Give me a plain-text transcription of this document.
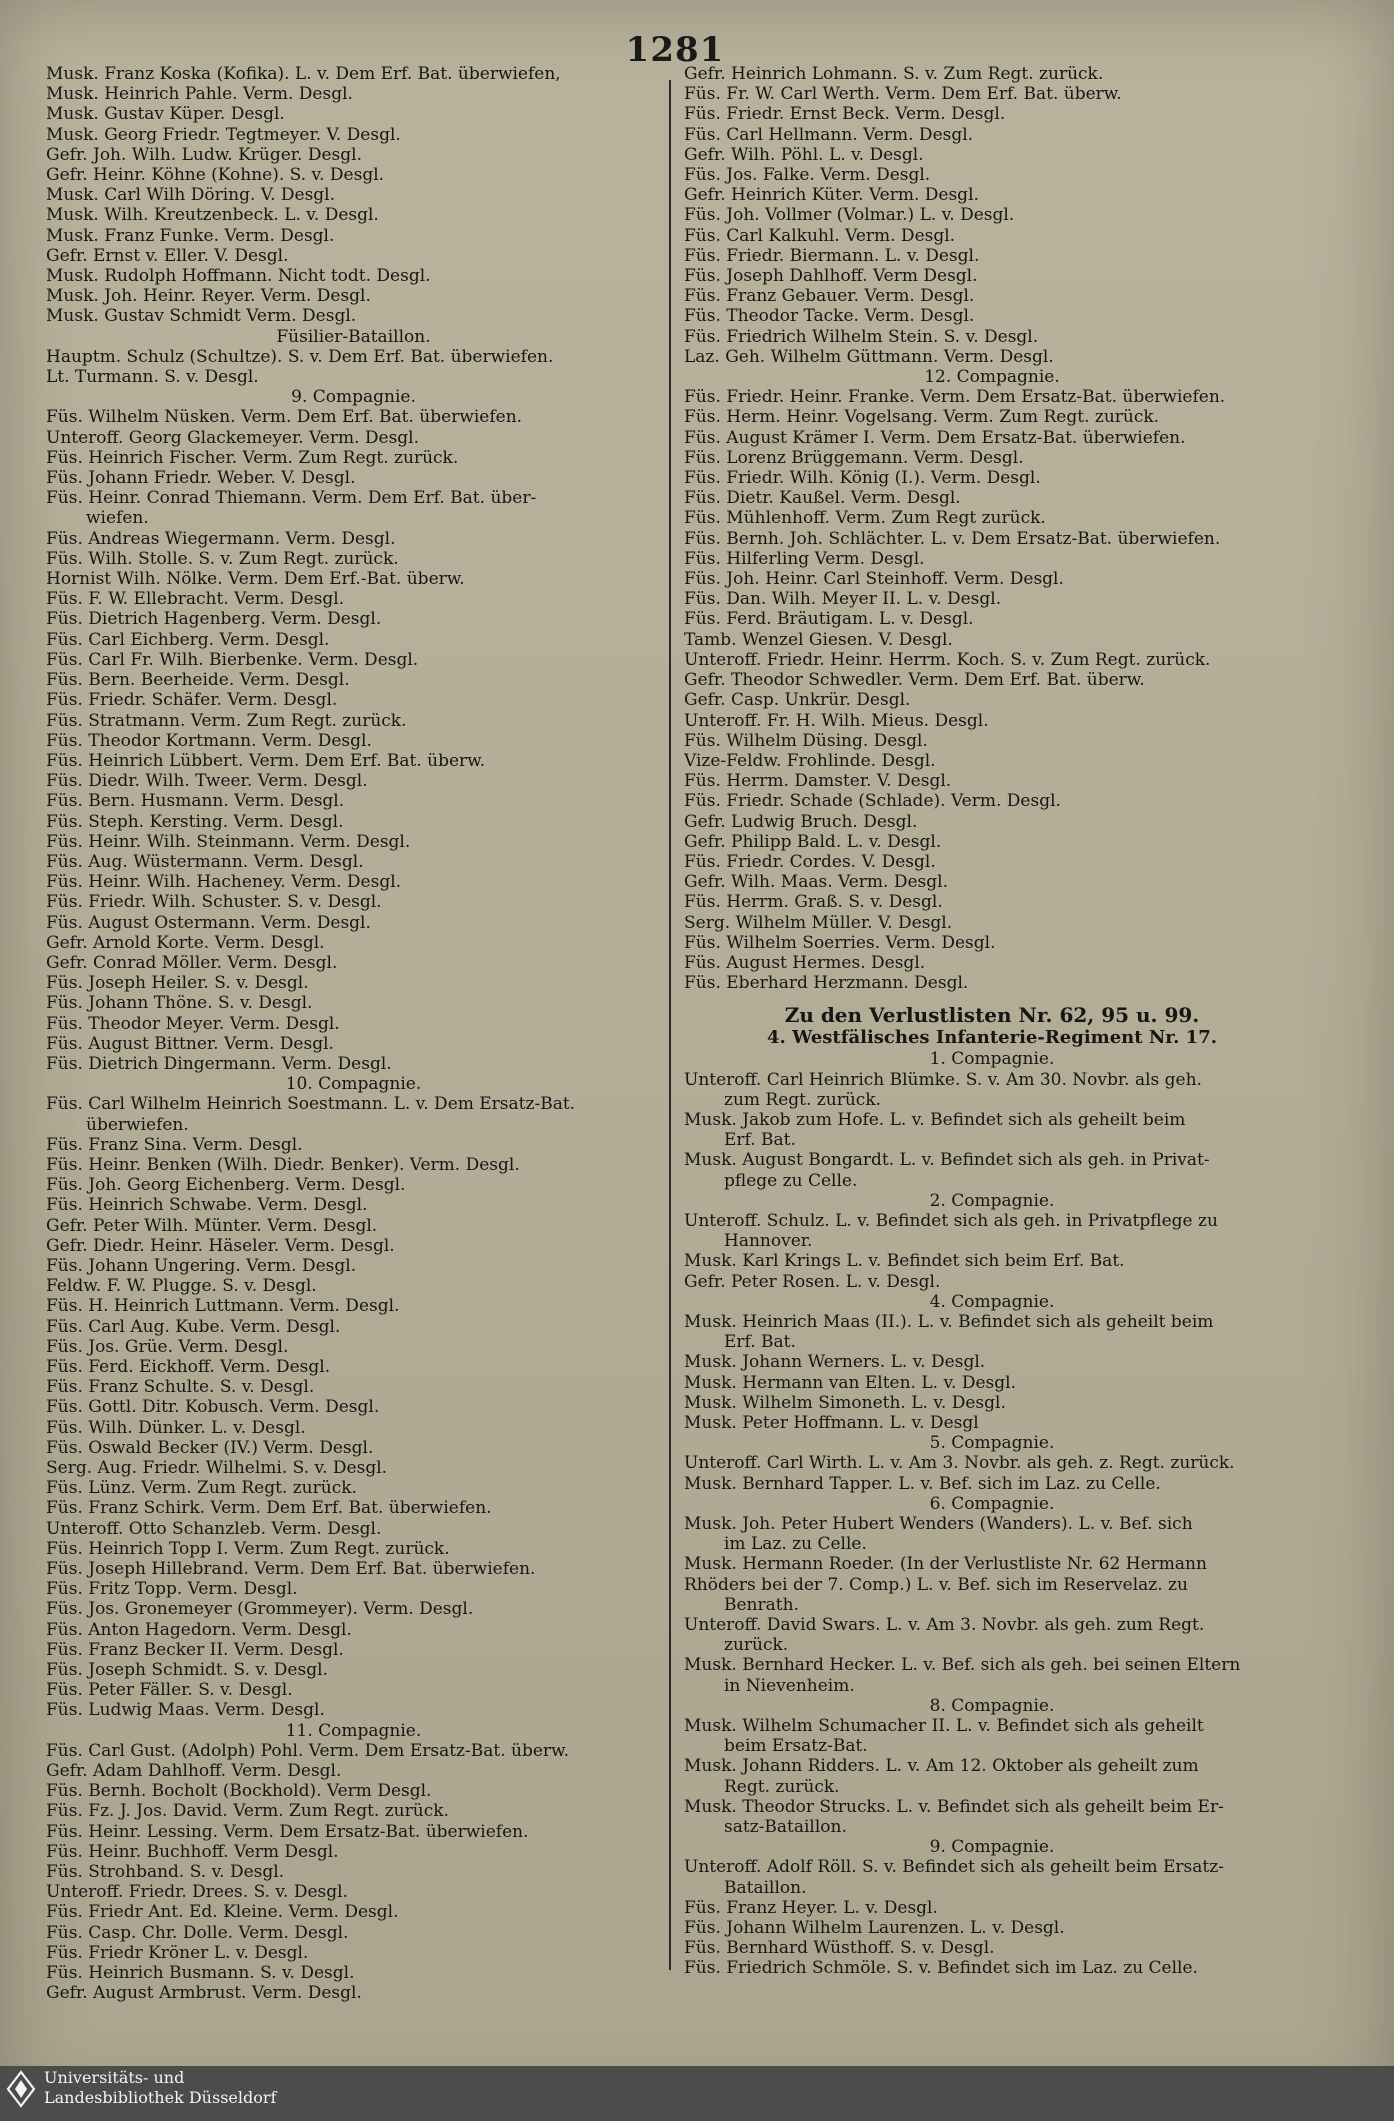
1281
Musk. Franz Koska (Kofika). L. v. Dem Erf. Bat. überwiefen,
Musk. Heinrich Pahle. Verm. Desgl.
Musk. Gustav Küper. Desgl.
Musk. Georg Friedr. Tegtmeyer. V. Desgl.
Gefr. Joh. Wilh. Ludw. Krüger. Desgl.
Gefr. Heinr. Köhne (Kohne). S. v. Desgl.
Musk. Carl Wilh Döring. V. Desgl.
Musk. Wilh. Kreutzenbeck. L. v. Desgl.
Musk. Franz Funke. Verm. Desgl.
Gefr. Ernst v. Eller. V. Desgl.
Musk. Rudolph Hoffmann. Nicht todt. Desgl.
Musk. Joh. Heinr. Reyer. Verm. Desgl.
Musk. Gustav Schmidt Verm. Desgl.
Füsilier-Bataillon.
Hauptm. Schulz (Schultze). S. v. Dem Erf. Bat. überwiefen.
Lt. Turmann. S. v. Desgl.
9. Compagnie.
Füs. Wilhelm Nüsken. Verm. Dem Erf. Bat. überwiefen.
Unteroff. Georg Glackemeyer. Verm. Desgl.
Füs. Heinrich Fischer. Verm. Zum Regt. zurück.
Füs. Johann Friedr. Weber. V. Desgl.
Füs. Heinr. Conrad Thiemann. Verm. Dem Erf. Bat. über-
wiefen.
Füs. Andreas Wiegermann. Verm. Desgl.
Füs. Wilh. Stolle. S. v. Zum Regt. zurück.
Hornist Wilh. Nölke. Verm. Dem Erf.-Bat. überw.
Füs. F. W. Ellebracht. Verm. Desgl.
Füs. Dietrich Hagenberg. Verm. Desgl.
Füs. Carl Eichberg. Verm. Desgl.
Füs. Carl Fr. Wilh. Bierbenke. Verm. Desgl.
Füs. Bern. Beerheide. Verm. Desgl.
Füs. Friedr. Schäfer. Verm. Desgl.
Füs. Stratmann. Verm. Zum Regt. zurück.
Füs. Theodor Kortmann. Verm. Desgl.
Füs. Heinrich Lübbert. Verm. Dem Erf. Bat. überw.
Füs. Diedr. Wilh. Tweer. Verm. Desgl.
Füs. Bern. Husmann. Verm. Desgl.
Füs. Steph. Kersting. Verm. Desgl.
Füs. Heinr. Wilh. Steinmann. Verm. Desgl.
Füs. Aug. Wüstermann. Verm. Desgl.
Füs. Heinr. Wilh. Hacheney. Verm. Desgl.
Füs. Friedr. Wilh. Schuster. S. v. Desgl.
Füs. August Ostermann. Verm. Desgl.
Gefr. Arnold Korte. Verm. Desgl.
Gefr. Conrad Möller. Verm. Desgl.
Füs. Joseph Heiler. S. v. Desgl.
Füs. Johann Thöne. S. v. Desgl.
Füs. Theodor Meyer. Verm. Desgl.
Füs. August Bittner. Verm. Desgl.
Füs. Dietrich Dingermann. Verm. Desgl.
10. Compagnie.
Füs. Carl Wilhelm Heinrich Soestmann. L. v. Dem Ersatz-Bat.
überwiefen.
Füs. Franz Sina. Verm. Desgl.
Füs. Heinr. Benken (Wilh. Diedr. Benker). Verm. Desgl.
Füs. Joh. Georg Eichenberg. Verm. Desgl.
Füs. Heinrich Schwabe. Verm. Desgl.
Gefr. Peter Wilh. Münter. Verm. Desgl.
Gefr. Diedr. Heinr. Häseler. Verm. Desgl.
Füs. Johann Ungering. Verm. Desgl.
Feldw. F. W. Plugge. S. v. Desgl.
Füs. H. Heinrich Luttmann. Verm. Desgl.
Füs. Carl Aug. Kube. Verm. Desgl.
Füs. Jos. Grüe. Verm. Desgl.
Füs. Ferd. Eickhoff. Verm. Desgl.
Füs. Franz Schulte. S. v. Desgl.
Füs. Gottl. Ditr. Kobusch. Verm. Desgl.
Füs. Wilh. Dünker. L. v. Desgl.
Füs. Oswald Becker (IV.) Verm. Desgl.
Serg. Aug. Friedr. Wilhelmi. S. v. Desgl.
Füs. Lünz. Verm. Zum Regt. zurück.
Füs. Franz Schirk. Verm. Dem Erf. Bat. überwiefen.
Unteroff. Otto Schanzleb. Verm. Desgl.
Füs. Heinrich Topp I. Verm. Zum Regt. zurück.
Füs. Joseph Hillebrand. Verm. Dem Erf. Bat. überwiefen.
Füs. Fritz Topp. Verm. Desgl.
Füs. Jos. Gronemeyer (Grommeyer). Verm. Desgl.
Füs. Anton Hagedorn. Verm. Desgl.
Füs. Franz Becker II. Verm. Desgl.
Füs. Joseph Schmidt. S. v. Desgl.
Füs. Peter Fäller. S. v. Desgl.
Füs. Ludwig Maas. Verm. Desgl.
11. Compagnie.
Füs. Carl Gust. (Adolph) Pohl. Verm. Dem Ersatz-Bat. überw.
Gefr. Adam Dahlhoff. Verm. Desgl.
Füs. Bernh. Bocholt (Bockhold). Verm Desgl.
Füs. Fz. J. Jos. David. Verm. Zum Regt. zurück.
Füs. Heinr. Lessing. Verm. Dem Ersatz-Bat. überwiefen.
Füs. Heinr. Buchhoff. Verm Desgl.
Füs. Strohband. S. v. Desgl.
Unteroff. Friedr. Drees. S. v. Desgl.
Füs. Friedr Ant. Ed. Kleine. Verm. Desgl.
Füs. Casp. Chr. Dolle. Verm. Desgl.
Füs. Friedr Kröner L. v. Desgl.
Füs. Heinrich Busmann. S. v. Desgl.
Gefr. August Armbrust. Verm. Desgl.
Gefr. Heinrich Lohmann. S. v. Zum Regt. zurück.
Füs. Fr. W. Carl Werth. Verm. Dem Erf. Bat. überw.
Füs. Friedr. Ernst Beck. Verm. Desgl.
Füs. Carl Hellmann. Verm. Desgl.
Gefr. Wilh. Pöhl. L. v. Desgl.
Füs. Jos. Falke. Verm. Desgl.
Gefr. Heinrich Küter. Verm. Desgl.
Füs. Joh. Vollmer (Volmar.) L. v. Desgl.
Füs. Carl Kalkuhl. Verm. Desgl.
Füs. Friedr. Biermann. L. v. Desgl.
Füs. Joseph Dahlhoff. Verm Desgl.
Füs. Franz Gebauer. Verm. Desgl.
Füs. Theodor Tacke. Verm. Desgl.
Füs. Friedrich Wilhelm Stein. S. v. Desgl.
Laz. Geh. Wilhelm Güttmann. Verm. Desgl.
12. Compagnie.
Füs. Friedr. Heinr. Franke. Verm. Dem Ersatz-Bat. überwiefen.
Füs. Herm. Heinr. Vogelsang. Verm. Zum Regt. zurück.
Füs. August Krämer I. Verm. Dem Ersatz-Bat. überwiefen.
Füs. Lorenz Brüggemann. Verm. Desgl.
Füs. Friedr. Wilh. König (I.). Verm. Desgl.
Füs. Dietr. Kaußel. Verm. Desgl.
Füs. Mühlenhoff. Verm. Zum Regt zurück.
Füs. Bernh. Joh. Schlächter. L. v. Dem Ersatz-Bat. überwiefen.
Füs. Hilferling Verm. Desgl.
Füs. Joh. Heinr. Carl Steinhoff. Verm. Desgl.
Füs. Dan. Wilh. Meyer II. L. v. Desgl.
Füs. Ferd. Bräutigam. L. v. Desgl.
Tamb. Wenzel Giesen. V. Desgl.
Unteroff. Friedr. Heinr. Herrm. Koch. S. v. Zum Regt. zurück.
Gefr. Theodor Schwedler. Verm. Dem Erf. Bat. überw.
Gefr. Casp. Unkrür. Desgl.
Unteroff. Fr. H. Wilh. Mieus. Desgl.
Füs. Wilhelm Düsing. Desgl.
Vize-Feldw. Frohlinde. Desgl.
Füs. Herrm. Damster. V. Desgl.
Füs. Friedr. Schade (Schlade). Verm. Desgl.
Gefr. Ludwig Bruch. Desgl.
Gefr. Philipp Bald. L. v. Desgl.
Füs. Friedr. Cordes. V. Desgl.
Gefr. Wilh. Maas. Verm. Desgl.
Füs. Herrm. Graß. S. v. Desgl.
Serg. Wilhelm Müller. V. Desgl.
Füs. Wilhelm Soerries. Verm. Desgl.
Füs. August Hermes. Desgl.
Füs. Eberhard Herzmann. Desgl.
Zu den Verlustlisten Nr. 62, 95 u. 99.
4. Westfälisches Infanterie-Regiment Nr. 17.
1. Compagnie.
Unteroff. Carl Heinrich Blümke. S. v. Am 30. Novbr. als geh.
zum Regt. zurück.
Musk. Jakob zum Hofe. L. v. Befindet sich als geheilt beim
Erf. Bat.
Musk. August Bongardt. L. v. Befindet sich als geh. in Privat-
pflege zu Celle.
2. Compagnie.
Unteroff. Schulz. L. v. Befindet sich als geh. in Privatpflege zu
Hannover.
Musk. Karl Krings L. v. Befindet sich beim Erf. Bat.
Gefr. Peter Rosen. L. v. Desgl.
4. Compagnie.
Musk. Heinrich Maas (II.). L. v. Befindet sich als geheilt beim
Erf. Bat.
Musk. Johann Werners. L. v. Desgl.
Musk. Hermann van Elten. L. v. Desgl.
Musk. Wilhelm Simoneth. L. v. Desgl.
Musk. Peter Hoffmann. L. v. Desgl
5. Compagnie.
Unteroff. Carl Wirth. L. v. Am 3. Novbr. als geh. z. Regt. zurück.
Musk. Bernhard Tapper. L. v. Bef. sich im Laz. zu Celle.
6. Compagnie.
Musk. Joh. Peter Hubert Wenders (Wanders). L. v. Bef. sich
im Laz. zu Celle.
Musk. Hermann Roeder. (In der Verlustliste Nr. 62 Hermann
Rhöders bei der 7. Comp.) L. v. Bef. sich im Reservelaz. zu
Benrath.
Unteroff. David Swars. L. v. Am 3. Novbr. als geh. zum Regt.
zurück.
Musk. Bernhard Hecker. L. v. Bef. sich als geh. bei seinen Eltern
in Nievenheim.
8. Compagnie.
Musk. Wilhelm Schumacher II. L. v. Befindet sich als geheilt
beim Ersatz-Bat.
Musk. Johann Ridders. L. v. Am 12. Oktober als geheilt zum
Regt. zurück.
Musk. Theodor Strucks. L. v. Befindet sich als geheilt beim Er-
satz-Bataillon.
9. Compagnie.
Unteroff. Adolf Röll. S. v. Befindet sich als geheilt beim Ersatz-
Bataillon.
Füs. Franz Heyer. L. v. Desgl.
Füs. Johann Wilhelm Laurenzen. L. v. Desgl.
Füs. Bernhard Wüsthoff. S. v. Desgl.
Füs. Friedrich Schmöle. S. v. Befindet sich im Laz. zu Celle.
Universitäts- und
Landesbibliothek Düsseldorf
